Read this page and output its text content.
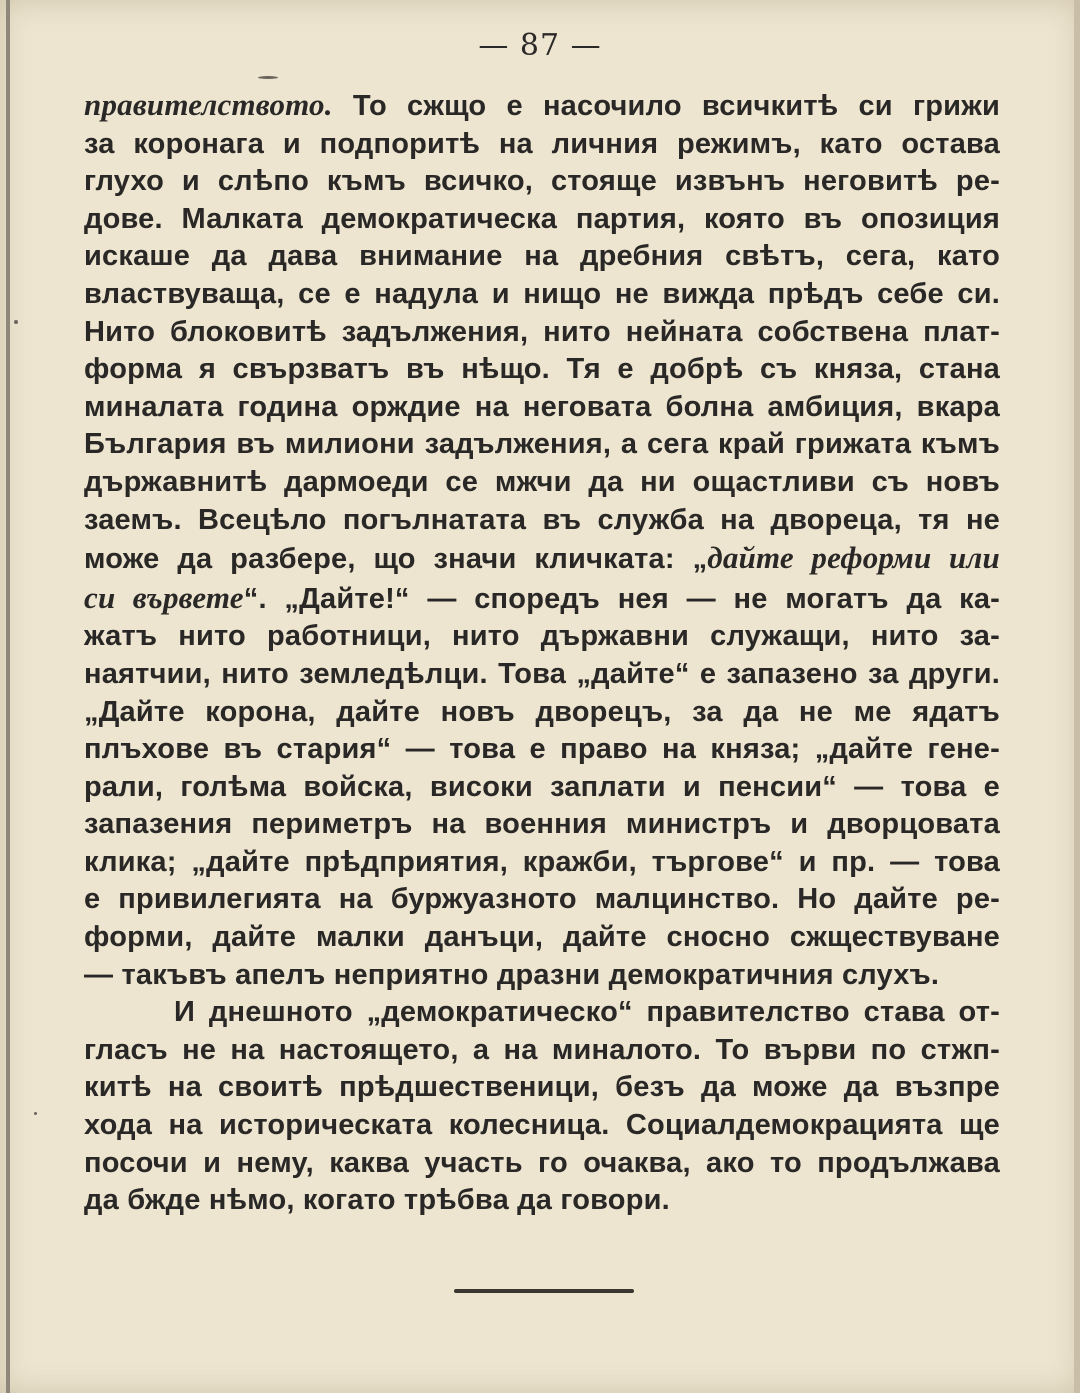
— 87 —
правителството. То сжщо е насочило всичкитѣ си грижи
за коронага и подпоритѣ на личния режимъ, като остава
глухо и слѣпо къмъ всичко, стояще извънъ неговитѣ ре-
дове. Малката демократическа партия, която въ опозиция
искаше да дава внимание на дребния свѣтъ, сега, като
властвуваща, се е надула и нищо не вижда прѣдъ себе си.
Нито блоковитѣ задължения, нито нейната собствена плат-
форма я свързватъ въ нѣщо. Тя е добрѣ съ княза, стана
миналата година орждие на неговата болна амбиция, вкара
България въ милиони задължения, а сега край грижата къмъ
държавнитѣ дармоеди се мжчи да ни ощастливи съ новъ
заемъ. Всецѣло погълнатата въ служба на двореца, тя не
може да разбере, що значи кличката: „дайте реформи или
си вървете“. „Дайте!“ — споредъ нея — не могатъ да ка-
жатъ нито работници, нито държавни служащи, нито за-
наятчии, нито земледѣлци. Това „дайте“ е запазено за други.
„Дайте корона, дайте новъ дворецъ, за да не ме ядатъ
плъхове въ стария“ — това е право на княза; „дайте гене-
рали, голѣма войска, високи заплати и пенсии“ — това е
запазения периметръ на военния министръ и дворцовата
клика; „дайте прѣдприятия, кражби, търгове“ и пр. — това
е привилегията на буржуазното малцинство. Но дайте ре-
форми, дайте малки данъци, дайте сносно сжществуване
— такъвъ апелъ неприятно дразни демократичния слухъ.
И днешното „демократическо“ правителство става от-
гласъ не на настоящето, а на миналото. То върви по стжп-
китѣ на своитѣ прѣдшественици, безъ да може да възпре
хода на историческата колесница. Социалдемокрацията ще
посочи и нему, каква участь го очаква, ако то продължава
да бжде нѣмо, когато трѣбва да говори.
